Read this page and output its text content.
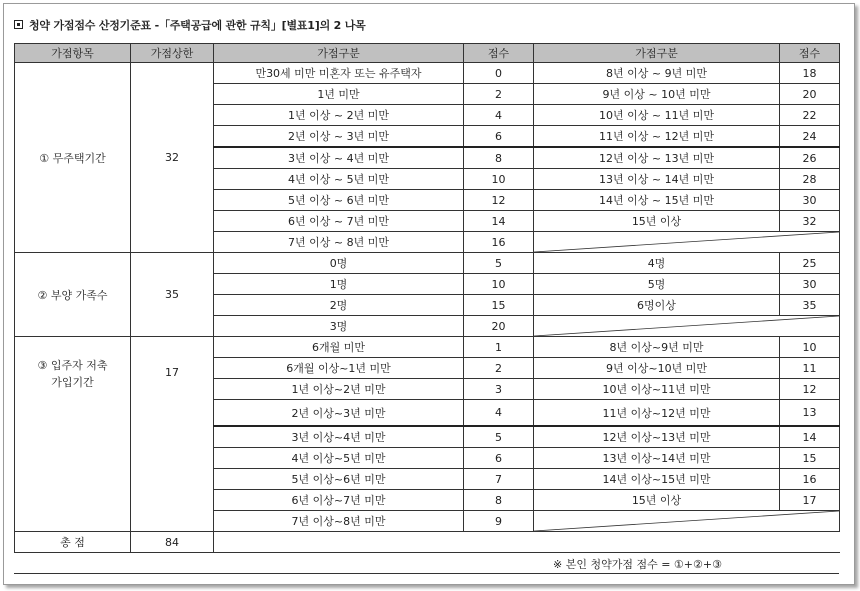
청약 가점점수 산정기준표 -「주택공급에 관한 규칙」[별표1]의 2 나목
가점항목	가점상한	가점구분	점수	가점구분	점수
① 무주택기간	32	만30세 미만 미혼자 또는 유주택자	0	8년 이상 ~ 9년 미만	18
		1년 미만	2	9년 이상 ~ 10년 미만	20
		1년 이상 ~ 2년 미만	4	10년 이상 ~ 11년 미만	22
		2년 이상 ~ 3년 미만	6	11년 이상 ~ 12년 미만	24
		3년 이상 ~ 4년 미만	8	12년 이상 ~ 13년 미만	26
		4년 이상 ~ 5년 미만	10	13년 이상 ~ 14년 미만	28
		5년 이상 ~ 6년 미만	12	14년 이상 ~ 15년 미만	30
		6년 이상 ~ 7년 미만	14	15년 이상	32
		7년 이상 ~ 8년 미만	16	

② 부양 가족수	35	0명	5	4명	25
		1명	10	5명	30
		2명	15	6명이상	35
		3명	20	

③ 입주자 저축
가입기간	17	6개월 미만	1	8년 이상~9년 미만	10
		6개월 이상~1년 미만	2	9년 이상~10년 미만	11
		1년 이상~2년 미만	3	10년 이상~11년 미만	12
		2년 이상~3년 미만	4	11년 이상~12년 미만	13
		3년 이상~4년 미만	5	12년 이상~13년 미만	14
		4년 이상~5년 미만	6	13년 이상~14년 미만	15
		5년 이상~6년 미만	7	14년 이상~15년 미만	16
		6년 이상~7년 미만	8	15년 이상	17
		7년 이상~8년 미만	9	

총 점	84				
※ 본인 청약가점 점수 = ①+②+③
